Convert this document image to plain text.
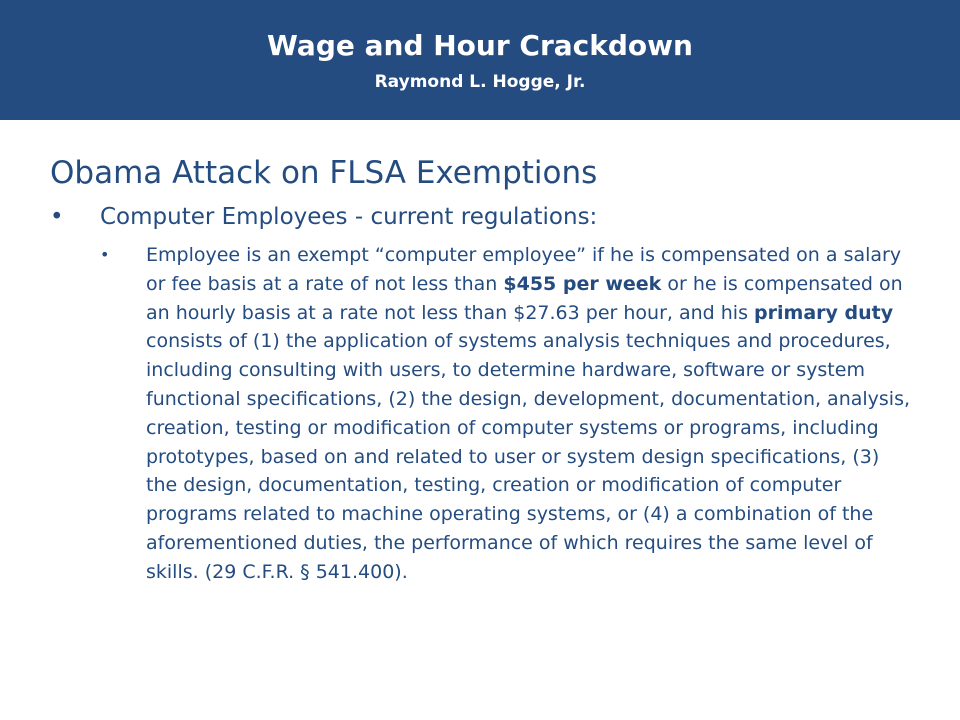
Wage and Hour Crackdown
Raymond L. Hogge, Jr.
Obama Attack on FLSA Exemptions
• Computer Employees - current regulations:
• Employee is an exempt “computer employee” if he is compensated on a salary or fee basis at a rate of not less than $455 per week or he is compensated on an hourly basis at a rate not less than $27.63 per hour, and his primary duty consists of (1) the application of systems analysis techniques and procedures, including consulting with users, to determine hardware, software or system functional specifications, (2) the design, development, documentation, analysis, creation, testing or modification of computer systems or programs, including prototypes, based on and related to user or system design specifications, (3) the design, documentation, testing, creation or modification of computer programs related to machine operating systems, or (4) a combination of the aforementioned duties, the performance of which requires the same level of skills. (29 C.F.R. § 541.400).
